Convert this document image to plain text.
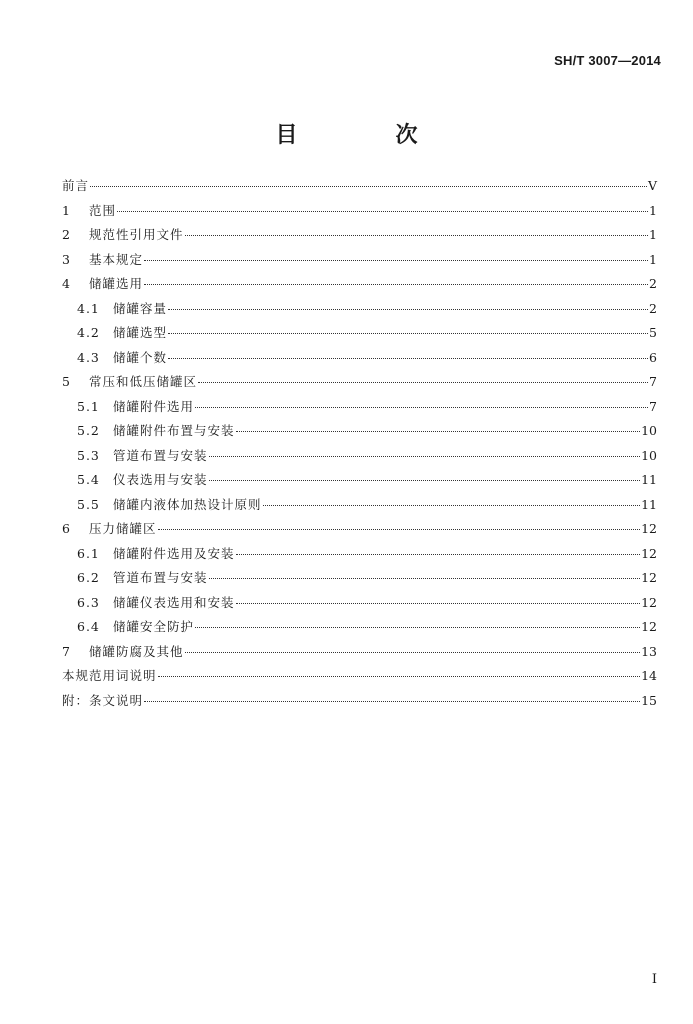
SH/T 3007—2014
目　次
前言	V
1	范围	1
2	规范性引用文件	1
3	基本规定	1
4	储罐选用	2
4.1	储罐容量	2
4.2	储罐选型	5
4.3	储罐个数	6
5	常压和低压储罐区	7
5.1	储罐附件选用	7
5.2	储罐附件布置与安装	10
5.3	管道布置与安装	10
5.4	仪表选用与安装	11
5.5	储罐内液体加热设计原则	11
6	压力储罐区	12
6.1	储罐附件选用及安装	12
6.2	管道布置与安装	12
6.3	储罐仪表选用和安装	12
6.4	储罐安全防护	12
7	储罐防腐及其他	13
本规范用词说明	14
附：条文说明	15
I
